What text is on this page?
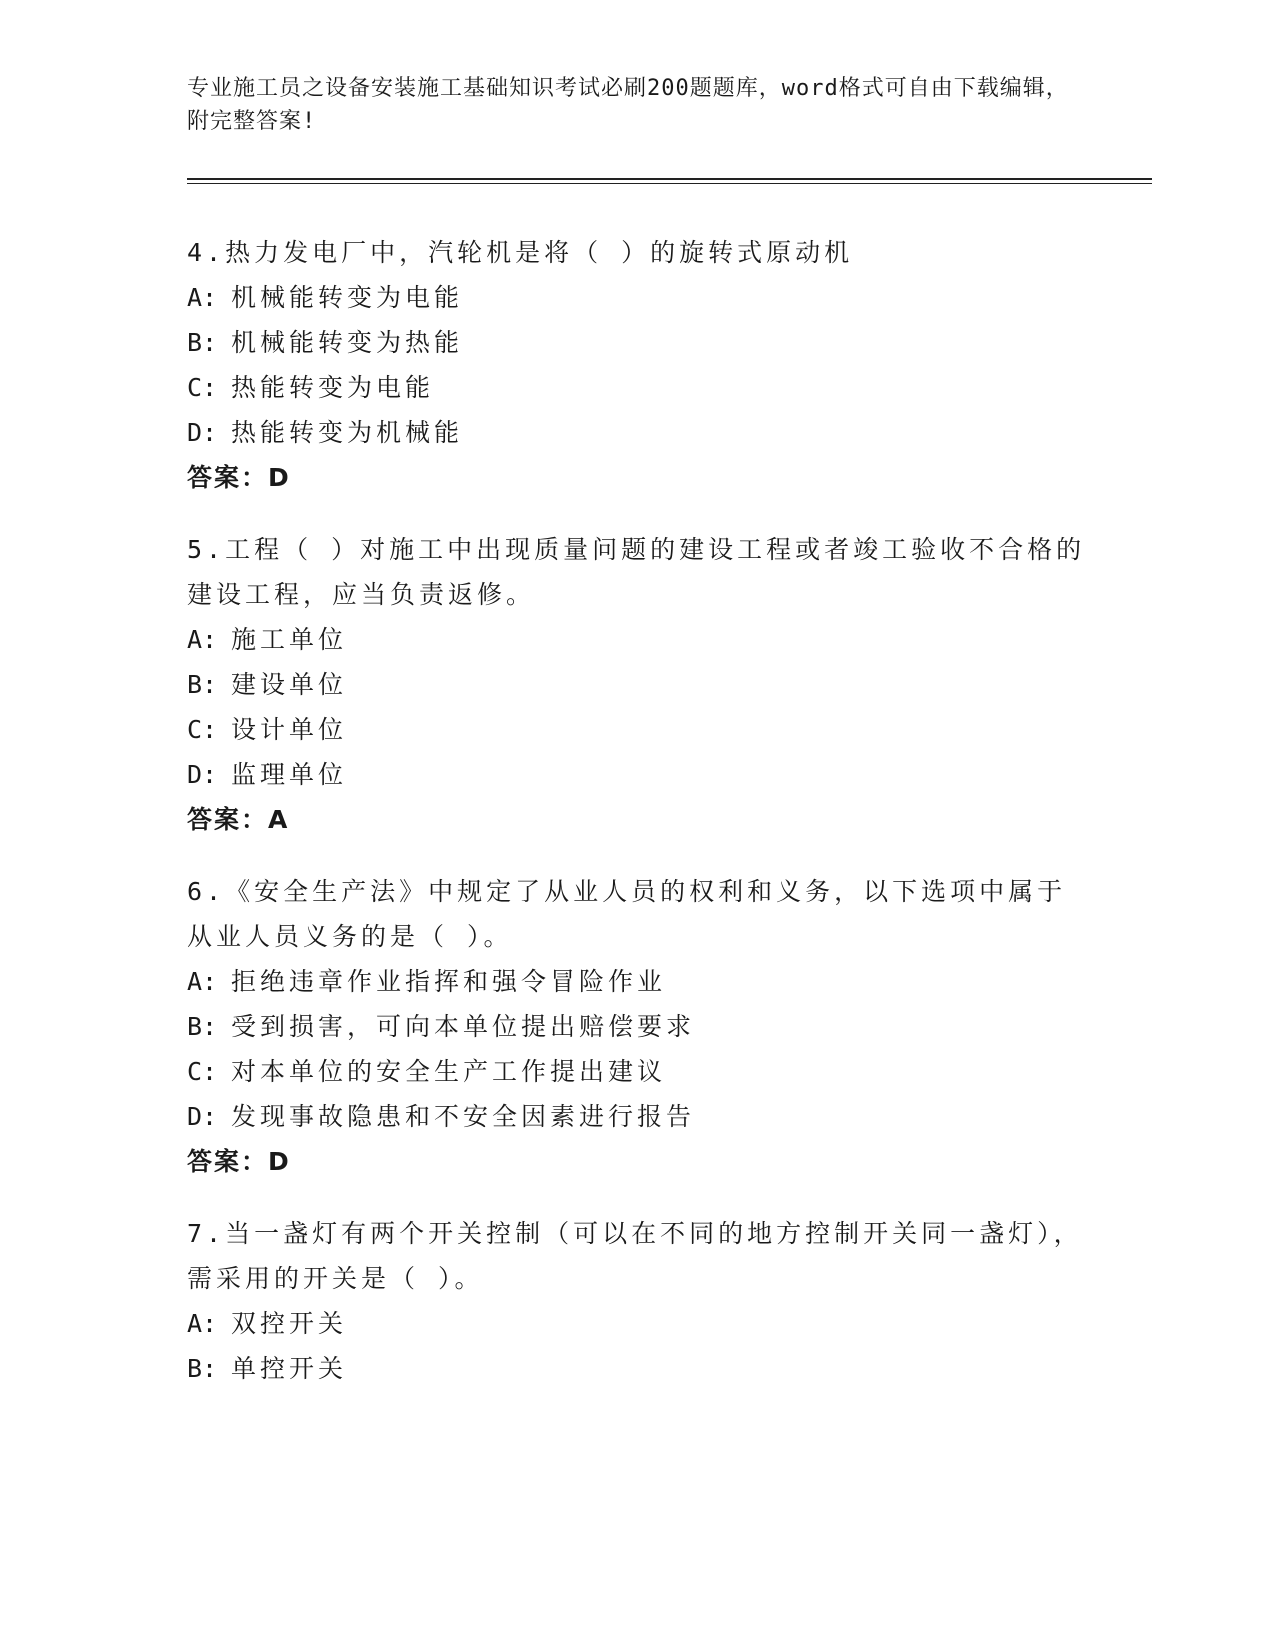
专业施工员之设备安装施工基础知识考试必刷200题题库，word格式可自由下载编辑，附完整答案!
4.热力发电厂中，汽轮机是将（ ）的旋转式原动机
A: 机械能转变为电能
B: 机械能转变为热能
C: 热能转变为电能
D: 热能转变为机械能
答案：D
5.工程（ ）对施工中出现质量问题的建设工程或者竣工验收不合格的建设工程，应当负责返修。
A: 施工单位
B: 建设单位
C: 设计单位
D: 监理单位
答案：A
6.《安全生产法》中规定了从业人员的权利和义务，以下选项中属于从业人员义务的是（ ）。
A: 拒绝违章作业指挥和强令冒险作业
B: 受到损害，可向本单位提出赔偿要求
C: 对本单位的安全生产工作提出建议
D: 发现事故隐患和不安全因素进行报告
答案：D
7.当一盏灯有两个开关控制（可以在不同的地方控制开关同一盏灯），需采用的开关是（ ）。
A: 双控开关
B: 单控开关
